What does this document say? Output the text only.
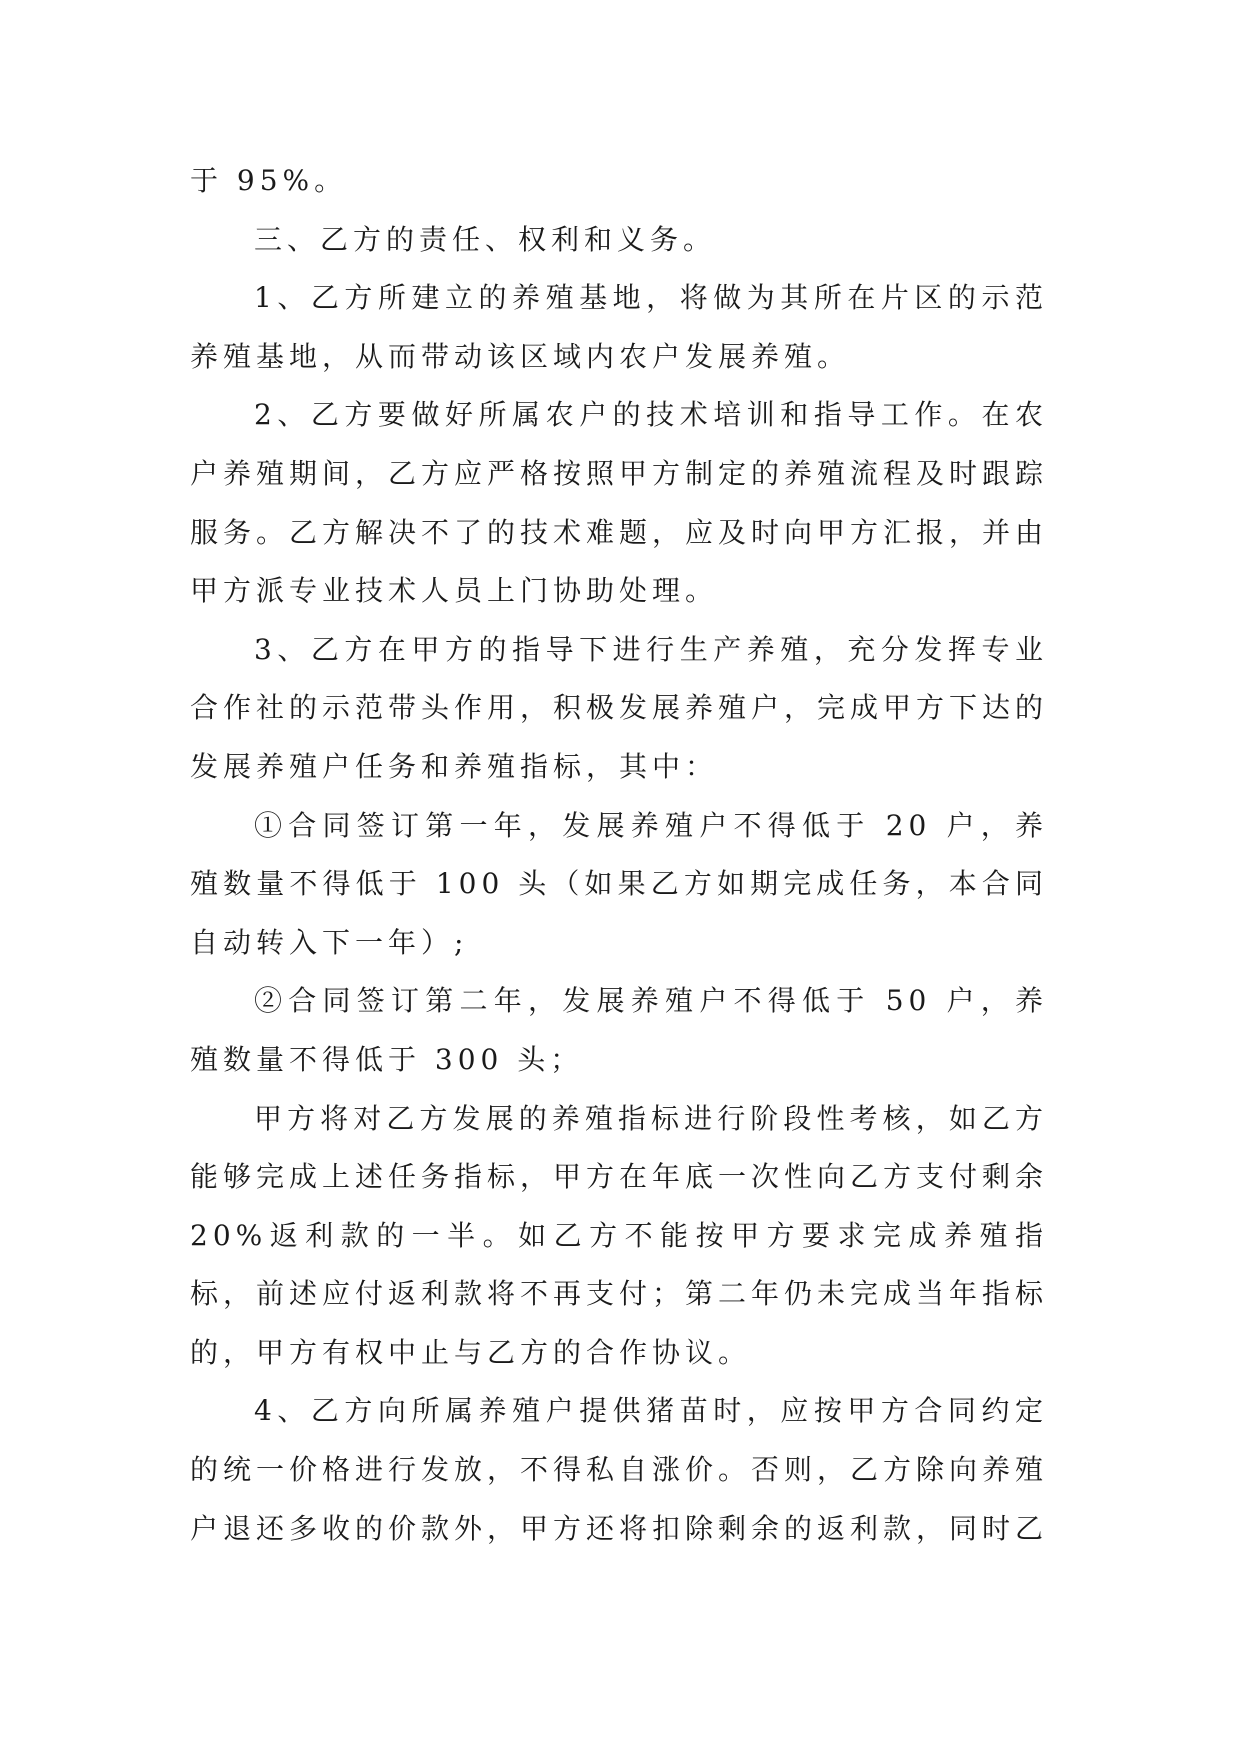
于 95%。

三、乙方的责任、权利和义务。

1、乙方所建立的养殖基地，将做为其所在片区的示范养殖基地，从而带动该区域内农户发展养殖。

2、乙方要做好所属农户的技术培训和指导工作。在农户养殖期间，乙方应严格按照甲方制定的养殖流程及时跟踪服务。乙方解决不了的技术难题，应及时向甲方汇报，并由甲方派专业技术人员上门协助处理。

3、乙方在甲方的指导下进行生产养殖，充分发挥专业合作社的示范带头作用，积极发展养殖户，完成甲方下达的发展养殖户任务和养殖指标，其中：

①合同签订第一年，发展养殖户不得低于 20 户，养殖数量不得低于 100 头（如果乙方如期完成任务，本合同自动转入下一年）;

②合同签订第二年，发展养殖户不得低于 50 户，养殖数量不得低于 300 头；

甲方将对乙方发展的养殖指标进行阶段性考核，如乙方能够完成上述任务指标，甲方在年底一次性向乙方支付剩余20%返利款的一半。如乙方不能按甲方要求完成养殖指标，前述应付返利款将不再支付；第二年仍未完成当年指标的，甲方有权中止与乙方的合作协议。

4、乙方向所属养殖户提供猪苗时，应按甲方合同约定的统一价格进行发放，不得私自涨价。否则，乙方除向养殖户退还多收的价款外，甲方还将扣除剩余的返利款，同时乙
